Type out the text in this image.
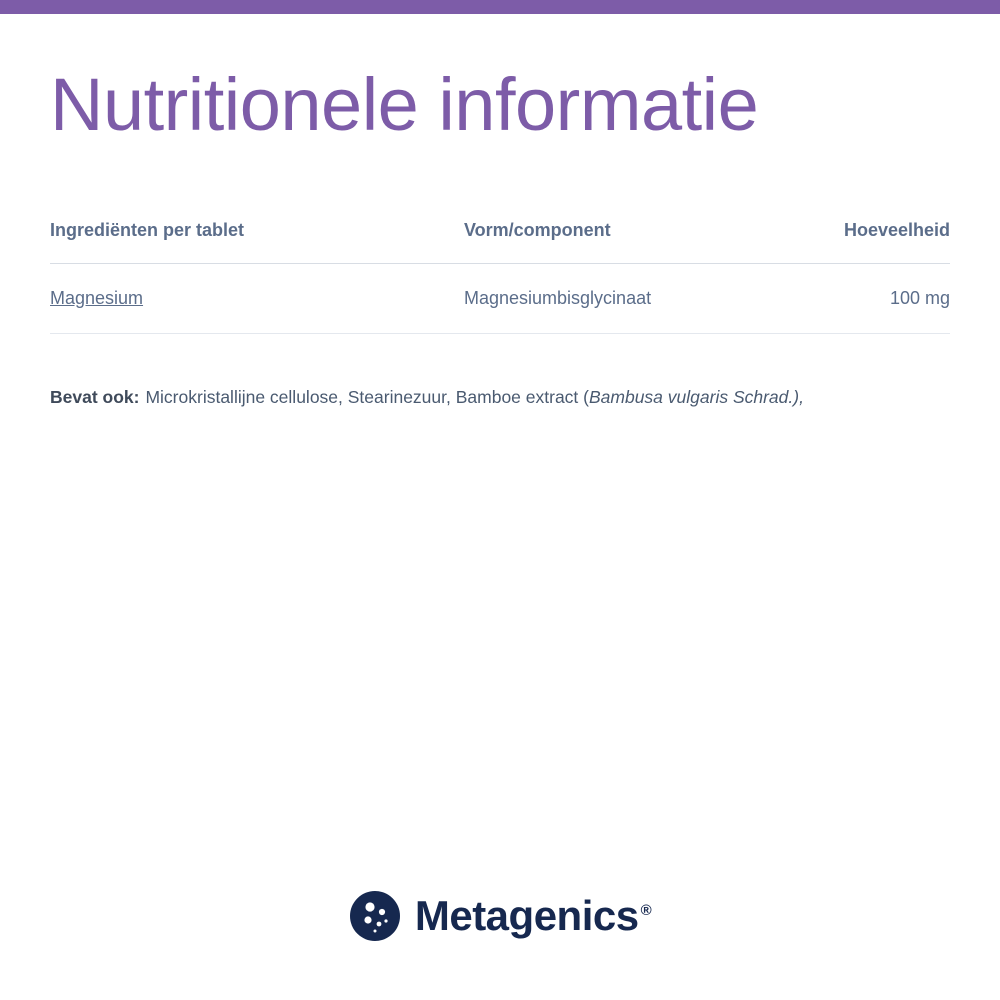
Nutritionele informatie
Ingrediënten per tablet	Vorm/component	Hoeveelheid
Magnesium	Magnesiumbisglycinaat	100 mg

Bevat ook: Microkristallijne cellulose, Stearinezuur, Bamboe extract (Bambusa vulgaris Schrad.),

Metagenics ®
